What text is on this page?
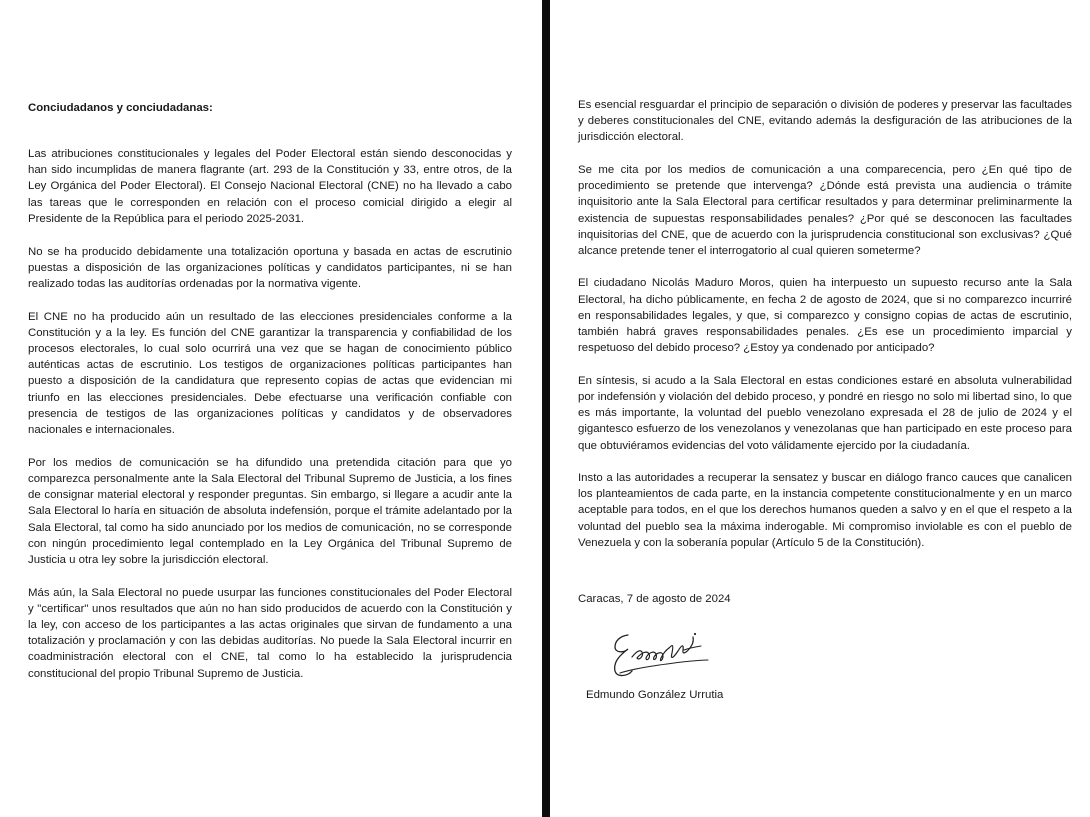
Conciudadanos y conciudadanas:

Las atribuciones constitucionales y legales del Poder Electoral están siendo desconocidas y han sido incumplidas de manera flagrante (art. 293 de la Constitución y 33, entre otros, de la Ley Orgánica del Poder Electoral). El Consejo Nacional Electoral (CNE) no ha llevado a cabo las tareas que le corresponden en relación con el proceso comicial dirigido a elegir al Presidente de la República para el periodo 2025-2031.

No se ha producido debidamente una totalización oportuna y basada en actas de escrutinio puestas a disposición de las organizaciones políticas y candidatos participantes, ni se han realizado todas las auditorías ordenadas por la normativa vigente.

El CNE no ha producido aún un resultado de las elecciones presidenciales conforme a la Constitución y a la ley. Es función del CNE garantizar la transparencia y confiabilidad de los procesos electorales, lo cual solo ocurrirá una vez que se hagan de conocimiento público auténticas actas de escrutinio. Los testigos de organizaciones políticas participantes han puesto a disposición de la candidatura que represento copias de actas que evidencian mi triunfo en las elecciones presidenciales. Debe efectuarse una verificación confiable con presencia de testigos de las organizaciones políticas y candidatos y de observadores nacionales e internacionales.

Por los medios de comunicación se ha difundido una pretendida citación para que yo comparezca personalmente ante la Sala Electoral del Tribunal Supremo de Justicia, a los fines de consignar material electoral y responder preguntas. Sin embargo, si llegare a acudir ante la Sala Electoral lo haría en situación de absoluta indefensión, porque el trámite adelantado por la Sala Electoral, tal como ha sido anunciado por los medios de comunicación, no se corresponde con ningún procedimiento legal contemplado en la Ley Orgánica del Tribunal Supremo de Justicia u otra ley sobre la jurisdicción electoral.

Más aún, la Sala Electoral no puede usurpar las funciones constitucionales del Poder Electoral y "certificar" unos resultados que aún no han sido producidos de acuerdo con la Constitución y la ley, con acceso de los participantes a las actas originales que sirvan de fundamento a una totalización y proclamación y con las debidas auditorías. No puede la Sala Electoral incurrir en coadministración electoral con el CNE, tal como lo ha establecido la jurisprudencia constitucional del propio Tribunal Supremo de Justicia.

Es esencial resguardar el principio de separación o división de poderes y preservar las facultades y deberes constitucionales del CNE, evitando además la desfiguración de las atribuciones de la jurisdicción electoral.

Se me cita por los medios de comunicación a una comparecencia, pero ¿En qué tipo de procedimiento se pretende que intervenga? ¿Dónde está prevista una audiencia o trámite inquisitorio ante la Sala Electoral para certificar resultados y para determinar preliminarmente la existencia de supuestas responsabilidades penales? ¿Por qué se desconocen las facultades inquisitorias del CNE, que de acuerdo con la jurisprudencia constitucional son exclusivas? ¿Qué alcance pretende tener el interrogatorio al cual quieren someterme?

El ciudadano Nicolás Maduro Moros, quien ha interpuesto un supuesto recurso ante la Sala Electoral, ha dicho públicamente, en fecha 2 de agosto de 2024, que si no comparezco incurriré en responsabilidades legales, y que, si comparezco y consigno copias de actas de escrutinio, también habrá graves responsabilidades penales. ¿Es ese un procedimiento imparcial y respetuoso del debido proceso? ¿Estoy ya condenado por anticipado?

En síntesis, si acudo a la Sala Electoral en estas condiciones estaré en absoluta vulnerabilidad por indefensión y violación del debido proceso, y pondré en riesgo no solo mi libertad sino, lo que es más importante, la voluntad del pueblo venezolano expresada el 28 de julio de 2024 y el gigantesco esfuerzo de los venezolanos y venezolanas que han participado en este proceso para que obtuviéramos evidencias del voto válidamente ejercido por la ciudadanía.

Insto a las autoridades a recuperar la sensatez y buscar en diálogo franco cauces que canalicen los planteamientos de cada parte, en la instancia competente constitucionalmente y en un marco aceptable para todos, en el que los derechos humanos queden a salvo y en el que el respeto a la voluntad del pueblo sea la máxima inderogable. Mi compromiso inviolable es con el pueblo de Venezuela y con la soberanía popular (Artículo 5 de la Constitución).

Caracas, 7 de agosto de 2024
Edmundo González Urrutia
